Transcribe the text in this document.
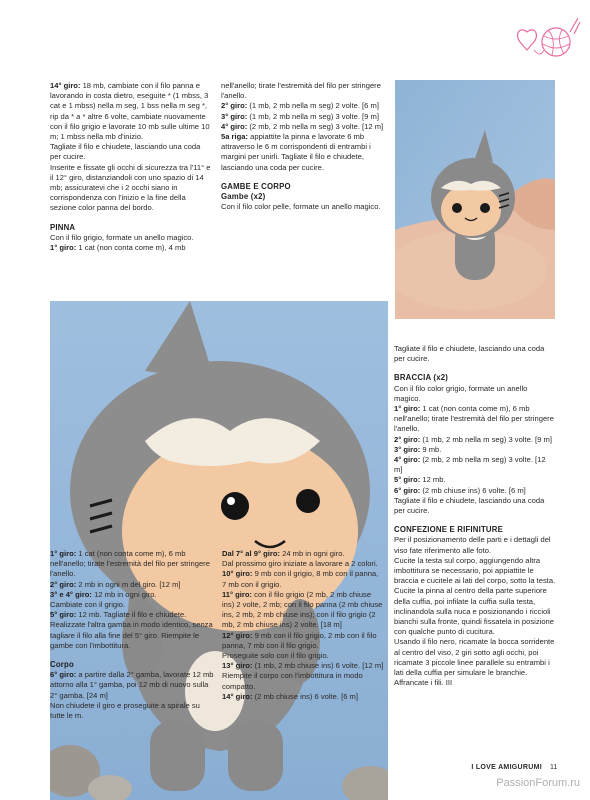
14° giro: 18 mb, cambiate con il filo panna e lavorando in costa dietro, eseguite * (1 mbss, 3 cat e 1 mbss) nella m seg, 1 bss nella m seg *, rip da * a * altre 6 volte, cambiate nuovamente con il filo grigio e lavorate 10 mb sulle ultime 10 m; 1 mbss nella mb d'inizio.

Tagliate il filo e chiudete, lasciando una coda per cucire.

Inserite e fissate gli occhi di sicurezza tra l'11° e il 12° giro, distanziandoli con uno spazio di 14 mb; assicuratevi che i 2 occhi siano in corrispondenza con l'inizio e la fine della sezione color panna del bordo.

PINNA

Con il filo grigio, formate un anello magico.

1° giro: 1 cat (non conta come m), 4 mb

nell'anello; tirate l'estremità del filo per stringere l'anello.

2° giro: (1 mb, 2 mb nella m seg) 2 volte. [6 m]

3° giro: (1 mb, 2 mb nella m seg) 3 volte. [9 m]

4° giro: (2 mb, 2 mb nella m seg) 3 volte. [12 m]

5a riga: appiattite la pinna e lavorate 6 mb attraverso le 6 m corrispondenti di entrambi i margini per unirli. Tagliate il filo e chiudete, lasciando una coda per cucire.

GAMBE E CORPO
Gambe (x2)

Con il filo color pelle, formate un anello magico.

1° giro: 1 cat (non conta come m), 6 mb nell'anello; tirate l'estremità del filo per stringere l'anello.

2° giro: 2 mb in ogni m del giro. [12 m]

3° e 4° giro: 12 mb in ogni giro.

Cambiate con il grigio.

5° giro: 12 mb. Tagliate il filo e chiudete. Realizzate l'altra gamba in modo identico, senza tagliare il filo alla fine del 5° giro. Riempite le gambe con l'imbottitura.

Corpo

6° giro: a partire dalla 2° gamba, lavorate 12 mb attorno alla 1° gamba, poi 12 mb di nuovo sulla 2° gamba. [24 m]

Non chiudete il giro e proseguite a spirale su tutte le m.

Dal 7° al 9° giro: 24 mb in ogni giro.

Dal prossimo giro iniziate a lavorare a 2 colori.

10° giro: 9 mb con il grigio, 8 mb con il panna, 7 mb con il grigio.

11° giro: con il filo grigio (2 mb, 2 mb chiuse ins) 2 volte, 2 mb; con il filo panna (2 mb chiuse ins, 2 mb, 2 mb chiuse ins); con il filo grigio (2 mb, 2 mb chiuse ins) 2 volte. [18 m]

12° giro: 9 mb con il filo grigio, 2 mb con il filo panna, 7 mb con il filo grigio.

Proseguite solo con il filo grigio.

13° giro: (1 mb, 2 mb chiuse ins) 6 volte. [12 m]

Riempite il corpo con l'imbottitura in modo compatto.

14° giro: (2 mb chiuse ins) 6 volte. [6 m]

Tagliate il filo e chiudete, lasciando una coda per cucire.

BRACCIA (x2)

Con il filo color grigio, formate un anello magico.

1° giro: 1 cat (non conta come m), 6 mb nell'anello; tirate l'estremità del filo per stringere l'anello.

2° giro: (1 mb, 2 mb nella m seg) 3 volte. [9 m]

3° giro: 9 mb.

4° giro: (2 mb, 2 mb nella m seg) 3 volte. [12 m]

5° giro: 12 mb.

6° giro: (2 mb chiuse ins) 6 volte. [6 m]

Tagliate il filo e chiudete, lasciando una coda per cucire.

CONFEZIONE E RIFINITURE

Per il posizionamento delle parti e i dettagli del viso fate riferimento alle foto.

Cucite la testa sul corpo, aggiungendo altra imbottitura se necessario, poi appiattite le braccia e cucitele ai lati del corpo, sotto la testa.

Cucite la pinna al centro della parte superiore della cuffia, poi infilate la cuffia sulla testa, inclinandola sulla nuca e posizionando i riccioli bianchi sulla fronte, quindi fissatela in posizione con qualche punto di cucitura.

Usando il filo nero, ricamate la bocca sorridente al centro del viso, 2 giri sotto agli occhi, poi ricamate 3 piccole linee parallele su entrambi i lati della cuffia per simulare le branchie. Affrancate i fili. III

I LOVE AMIGURUMI 11
PassionForum.ru
